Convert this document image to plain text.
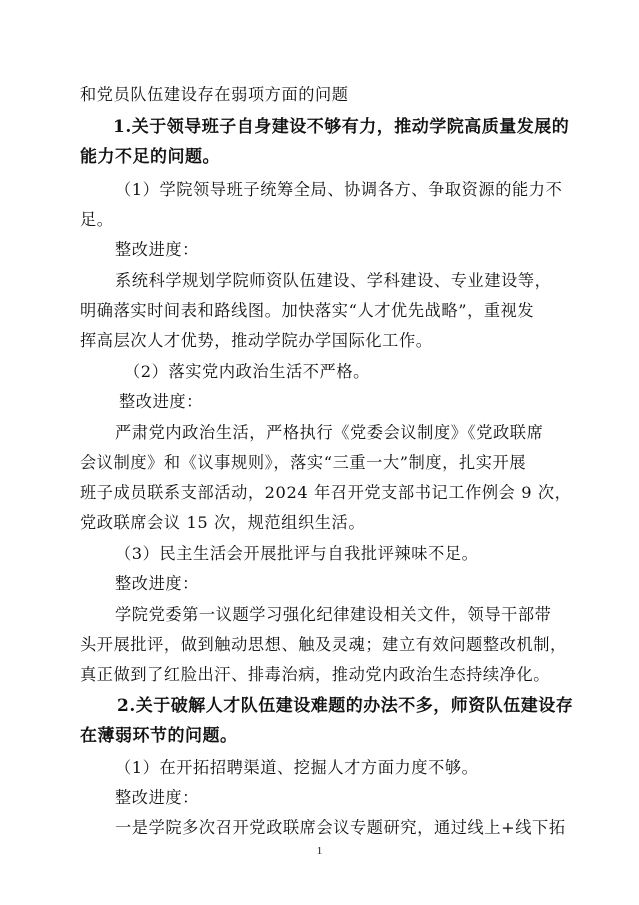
和党员队伍建设存在弱项方面的问题
1.关于领导班子自身建设不够有力，推动学院高质量发展的
能力不足的问题。
（1）学院领导班子统筹全局、协调各方、争取资源的能力不
足。
整改进度：
系统科学规划学院师资队伍建设、学科建设、专业建设等，
明确落实时间表和路线图。加快落实“人才优先战略”，重视发
挥高层次人才优势，推动学院办学国际化工作。
（2）落实党内政治生活不严格。
整改进度：
严肃党内政治生活，严格执行《党委会议制度》《党政联席
会议制度》和《议事规则》，落实“三重一大”制度，扎实开展
班子成员联系支部活动，2024 年召开党支部书记工作例会 9 次，
党政联席会议 15 次，规范组织生活。
（3）民主生活会开展批评与自我批评辣味不足。
整改进度：
学院党委第一议题学习强化纪律建设相关文件，领导干部带
头开展批评，做到触动思想、触及灵魂；建立有效问题整改机制，
真正做到了红脸出汗、排毒治病，推动党内政治生态持续净化。
2.关于破解人才队伍建设难题的办法不多，师资队伍建设存
在薄弱环节的问题。
（1）在开拓招聘渠道、挖掘人才方面力度不够。
整改进度：
一是学院多次召开党政联席会议专题研究，通过线上+线下拓
1
